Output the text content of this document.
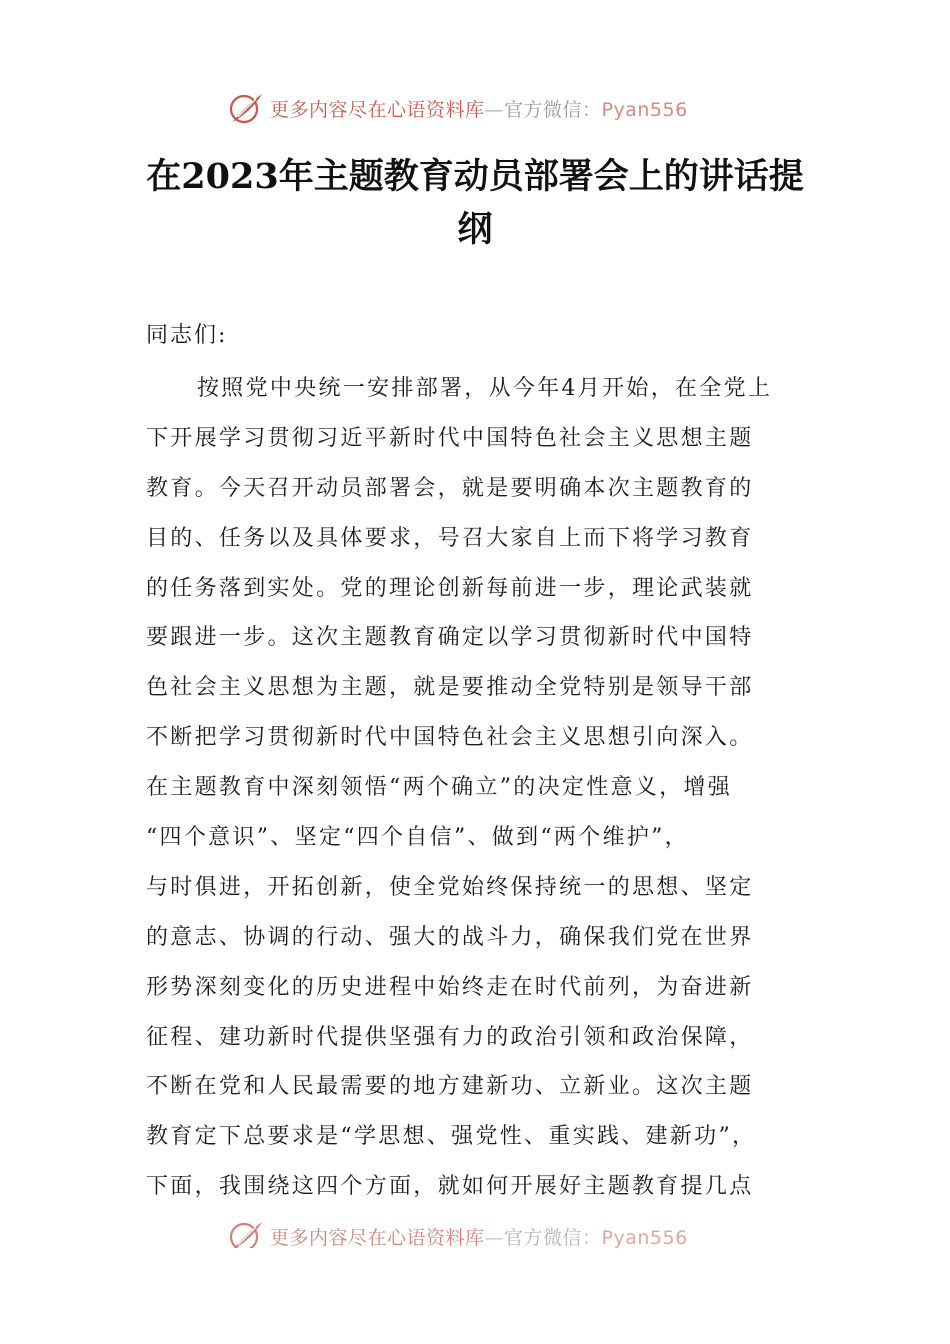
更多内容尽在心语资料库—官方微信：Pyan556
在2023年主题教育动员部署会上的讲话提纲
同志们:
按照党中央统一安排部署，从今年4月开始，在全党上
下开展学习贯彻习近平新时代中国特色社会主义思想主题
教育。今天召开动员部署会，就是要明确本次主题教育的
目的、任务以及具体要求，号召大家自上而下将学习教育
的任务落到实处。党的理论创新每前进一步，理论武装就
要跟进一步。这次主题教育确定以学习贯彻新时代中国特
色社会主义思想为主题，就是要推动全党特别是领导干部
不断把学习贯彻新时代中国特色社会主义思想引向深入。
在主题教育中深刻领悟“两个确立”的决定性意义，增强
“四个意识”、坚定“四个自信”、做到“两个维护”，
与时俱进，开拓创新，使全党始终保持统一的思想、坚定
的意志、协调的行动、强大的战斗力，确保我们党在世界
形势深刻变化的历史进程中始终走在时代前列，为奋进新
征程、建功新时代提供坚强有力的政治引领和政治保障，
不断在党和人民最需要的地方建新功、立新业。这次主题
教育定下总要求是“学思想、强党性、重实践、建新功”，
下面，我围绕这四个方面，就如何开展好主题教育提几点
更多内容尽在心语资料库—官方微信：Pyan556
